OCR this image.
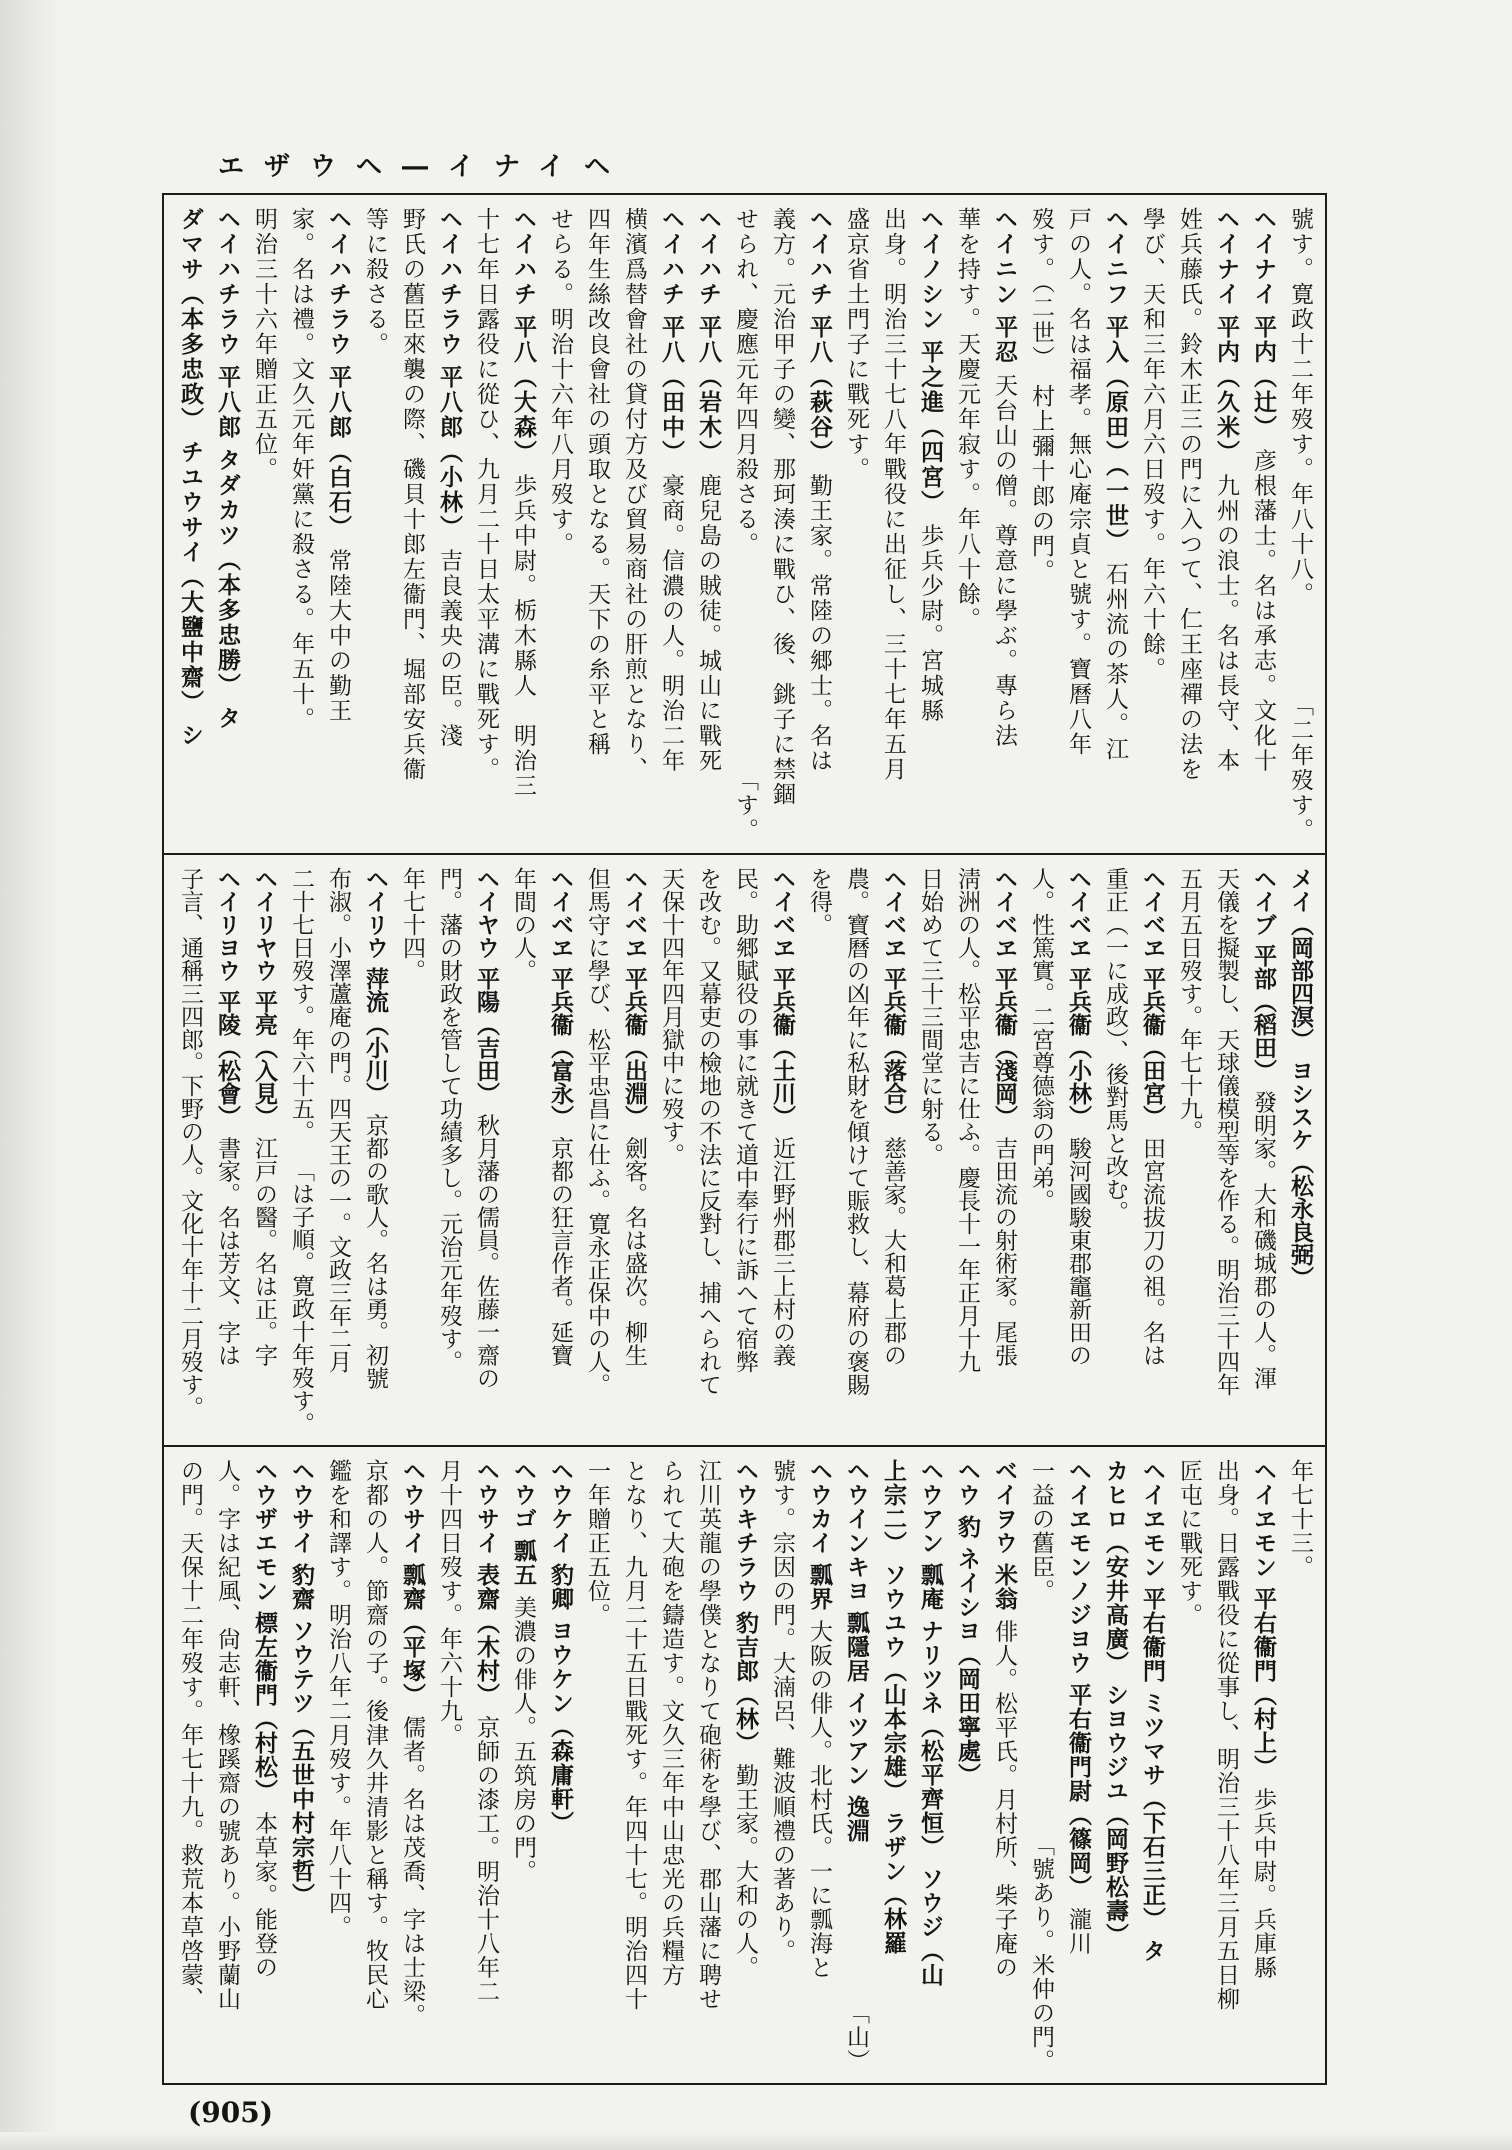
エザウヘ―イナイヘ
號す。寛政十二年歿す。年八十八。
「二年歿す。
ヘイナイ平内（辻）彦根藩士。名は承志。文化十
ヘイナイ平内（久米）九州の浪士。名は長守、本
姓兵藤氏。鈴木正三の門に入つて、仁王座禪の法を
學び、天和三年六月六日歿す。年六十餘。
ヘイニフ平入（原田）（一世）石州流の茶人。江
戸の人。名は福孝。無心庵宗貞と號す。寶曆八年
歿す。（二世）　村上彌十郎の門。
ヘイニン平忍天台山の僧。尊意に學ぶ。專ら法
華を持す。天慶元年寂す。年八十餘。
ヘイノシン平之進（四宮）歩兵少尉。宮城縣
出身。明治三十七八年戰役に出征し、三十七年五月
盛京省土門子に戰死す。
ヘイハチ平八（萩谷）勤王家。常陸の郷士。名は
義方。元治甲子の變、那珂湊に戰ひ、後、銚子に禁錮
せられ、慶應元年四月殺さる。
「す。
ヘイハチ平八（岩木）鹿兒島の賊徒。城山に戰死
ヘイハチ平八（田中）豪商。信濃の人。明治二年
横濱爲替會社の貸付方及び貿易商社の肝煎となり、
四年生絲改良會社の頭取となる。天下の糸平と稱
せらる。明治十六年八月歿す。
ヘイハチ平八（大森）歩兵中尉。栃木縣人　明治三
十七年日露役に從ひ、九月二十日太平溝に戰死す。
ヘイハチラウ平八郎（小林）吉良義央の臣。淺
野氏の舊臣來襲の際、磯貝十郎左衞門、堀部安兵衞
等に殺さる。
ヘイハチラウ平八郎（白石）常陸大中の勤王
家。名は禮。文久元年奸黨に殺さる。年五十。
明治三十六年贈正五位。
ヘイハチラウ平八郎タダカツ（本多忠勝）タ
ダマサ（本多忠政）チユウサイ（大鹽中齋）シ
メイ（岡部四溟）ヨシスケ（松永良弼）
ヘイブ平部（稻田）發明家。大和磯城郡の人。渾
天儀を擬製し、天球儀模型等を作る。明治三十四年
五月五日歿す。年七十九。
ヘイベヱ平兵衞（田宮）田宮流拔刀の祖。名は
重正（一に成政）、後對馬と改む。
ヘイベヱ平兵衞（小林）駿河國駿東郡竈新田の
人。性篤實。二宮尊德翁の門弟。
ヘイベヱ平兵衞（淺岡）吉田流の射術家。尾張
淸洲の人。松平忠吉に仕ふ。慶長十一年正月十九
日始めて三十三間堂に射る。
ヘイベヱ平兵衞（落合）慈善家。大和葛上郡の
農。寶曆の凶年に私財を傾けて賑救し、幕府の褒賜
を得。
ヘイベヱ平兵衞（土川）近江野州郡三上村の義
民。助郷賦役の事に就きて道中奉行に訴へて宿弊
を改む。又幕吏の檢地の不法に反對し、捕へられて
天保十四年四月獄中に歿す。
ヘイベヱ平兵衞（出淵）劍客。名は盛次。柳生
但馬守に學び、松平忠昌に仕ふ。寛永正保中の人。
ヘイベヱ平兵衞（富永）京都の狂言作者。延寶
年間の人。
ヘイヤウ平陽（吉田）秋月藩の儒員。佐藤一齋の
門。藩の財政を管して功績多し。元治元年歿す。
年七十四。
ヘイリウ萍流（小川）京都の歌人。名は勇。初號
布淑。小澤蘆庵の門。四天王の一。文政三年二月
二十七日歿す。年六十五。
「は子順。寛政十年歿す。
ヘイリヤウ平亮（入見）江戸の醫。名は正。字
ヘイリヨウ平陵（松會）書家。名は芳文、字は
子言、通稱三四郎。下野の人。文化十年十二月歿す。
年七十三。
ヘイヱモン平右衞門（村上）歩兵中尉。兵庫縣
出身。日露戰役に從事し、明治三十八年三月五日柳
匠屯に戰死す。
ヘイヱモン平右衞門ミツマサ（下石三正）タ
カヒロ（安井高廣）シヨウジユ（岡野松壽）
ヘイヱモンノジヨウ平右衞門尉（篠岡）瀧川
一益の舊臣。
「號あり。米仲の門。
ベイヲウ米翁俳人。松平氏。月村所、柴子庵の
ヘウ豹ネイシヨ（岡田寧處）
ヘウアン瓢庵ナリツネ（松平齊恒）ソウジ（山
上宗二）ソウユウ（山本宗雄）ラザン（林羅
ヘウインキヨ瓢隱居イツアン逸淵
「山）
ヘウカイ瓢界大阪の俳人。北村氏。一に瓢海と
號す。宗因の門。大湳呂、難波順禮の著あり。
ヘウキチラウ豹吉郎（林）勤王家。大和の人。
江川英龍の學僕となりて砲術を學び、郡山藩に聘せ
られて大砲を鑄造す。文久三年中山忠光の兵糧方
となり、九月二十五日戰死す。年四十七。明治四十
一年贈正五位。
ヘウケイ豹卿ヨウケン（森庸軒）
ヘウゴ瓢五美濃の俳人。五筑房の門。
ヘウサイ表齋（木村）京師の漆工。明治十八年二
月十四日歿す。年六十九。
ヘウサイ瓢齋（平塚）儒者。名は茂喬、字は士梁。
京都の人。節齋の子。後津久井清影と稱す。牧民心
鑑を和譯す。明治八年二月歿す。年八十四。
ヘウサイ豹齋ソウテツ（五世中村宗哲）
ヘウザエモン標左衞門（村松）本草家。能登の
人。字は紀風、尙志軒、橡蹊齋の號あり。小野蘭山
の門。天保十二年歿す。年七十九。救荒本草啓蒙、
(905)
